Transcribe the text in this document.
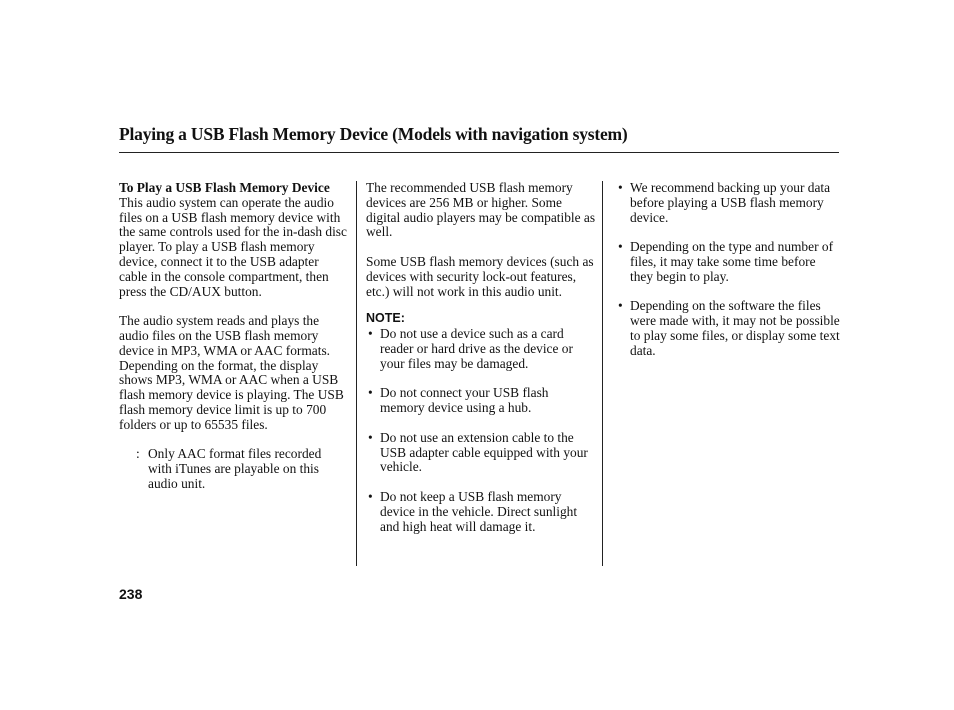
Playing a USB Flash Memory Device (Models with navigation system)

To Play a USB Flash Memory Device

This audio system can operate the audio files on a USB flash memory device with the same controls used for the in-dash disc player. To play a USB flash memory device, connect it to the USB adapter cable in the console compartment, then press the CD/AUX button.

The audio system reads and plays the audio files on the USB flash memory device in MP3, WMA or AAC formats. Depending on the format, the display shows MP3, WMA or AAC when a USB flash memory device is playing. The USB flash memory device limit is up to 700 folders or up to 65535 files.

: Only AAC format files recorded with iTunes are playable on this audio unit.

The recommended USB flash memory devices are 256 MB or higher. Some digital audio players may be compatible as well.

Some USB flash memory devices (such as devices with security lock-out features, etc.) will not work in this audio unit.

NOTE:

• Do not use a device such as a card reader or hard drive as the device or your files may be damaged.

• Do not connect your USB flash memory device using a hub.

• Do not use an extension cable to the USB adapter cable equipped with your vehicle.

• Do not keep a USB flash memory device in the vehicle. Direct sunlight and high heat will damage it.

• We recommend backing up your data before playing a USB flash memory device.

• Depending on the type and number of files, it may take some time before they begin to play.

• Depending on the software the files were made with, it may not be possible to play some files, or display some text data.

238
